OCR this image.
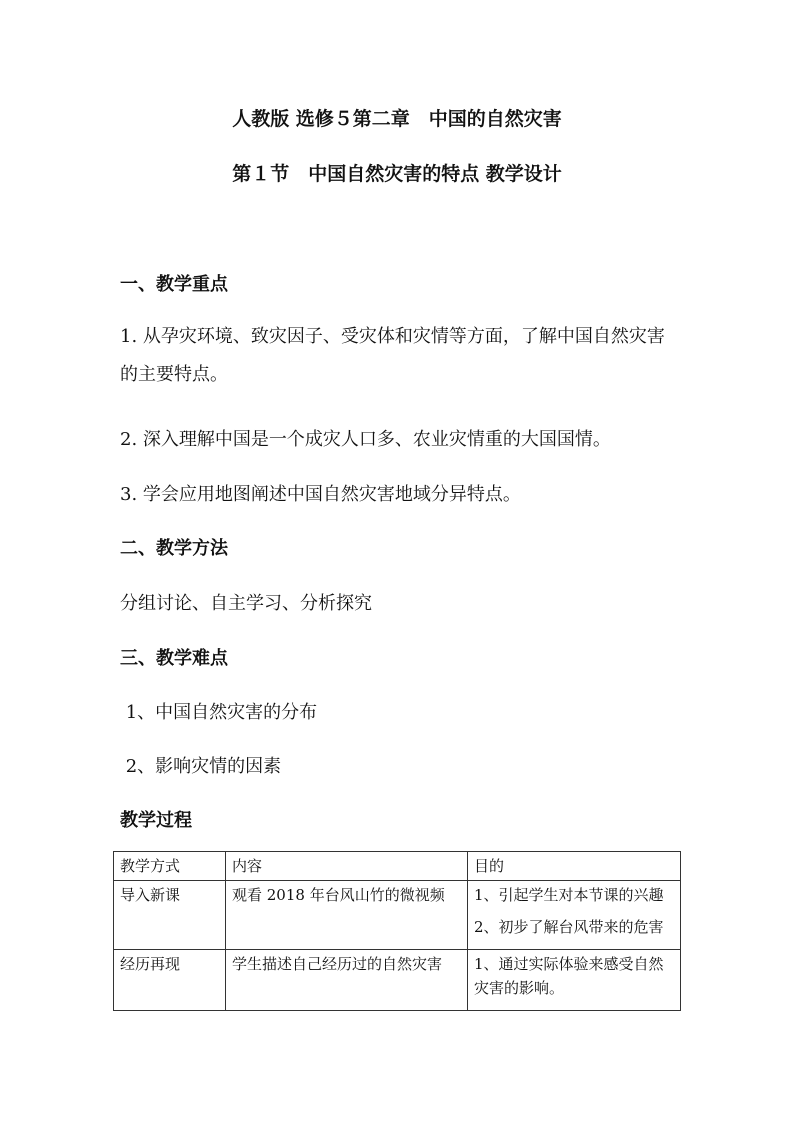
人教版 选修５第二章　中国的自然灾害
第１节　中国自然灾害的特点 教学设计
一、教学重点
1. 从孕灾环境、致灾因子、受灾体和灾情等方面，了解中国自然灾害的主要特点。
2. 深入理解中国是一个成灾人口多、农业灾情重的大国国情。
3. 学会应用地图阐述中国自然灾害地域分异特点。
二、教学方法
分组讨论、自主学习、分析探究
三、教学难点
1、中国自然灾害的分布
2、影响灾情的因素
教学过程
教学方式	内容	目的
导入新课	观看 2018 年台风山竹的微视频	1、引起学生对本节课的兴趣
2、初步了解台风带来的危害

经历再现	学生描述自己经历过的自然灾害	1、通过实际体验来感受自然灾害的影响。
